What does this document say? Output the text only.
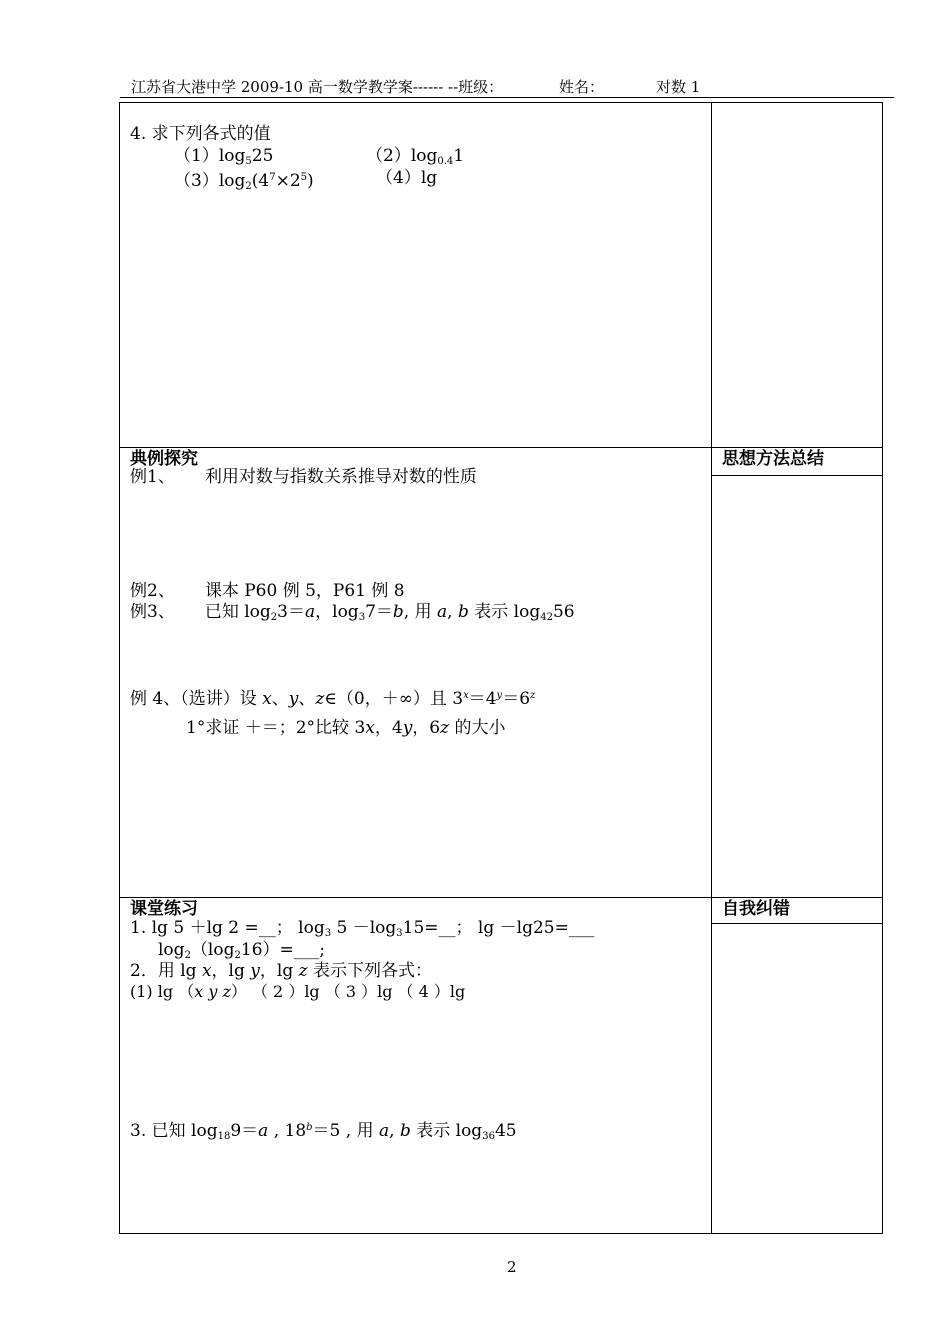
江苏省大港中学 2009-10 高一数学教学案------ --班级：	姓名：	对数 1
4. 求下列各式的值
$(1)\log_525$	$(2)\log_{0.4}1$
$(3)\log_2(4^7\times 2^5)$	（4）lg
典例探究	思想方法总结
例1、 利用对数与指数关系推导对数的性质
例2、 课本 P60 例 5，P61 例 8
例3、 已知 $\log_23=a$，$\log_37=b$, 用 a, b 表示 $\log_{42}56$
例 4、（选讲）设 x、y、z∈（0，＋∞）且 $3^x=4^y=6^z$
1°求证 ＋＝；2°比较 3x，4y，6z 的大小
课堂练习	自我纠错
1. lg 5 ＋lg 2 =__； $\log_3 5$ $-\log_315=\_\_$； lg －lg25=___
$\log_2(\log_216)=\_\_\_$;
2．用 lg x，lg y，lg z 表示下列各式：
(1) lg （x y z） （ 2 ）lg （ 3 ）lg （ 4 ）lg
3. 已知 $\log_{18}9=a$ , $18^b=5$ , 用 a, b 表示 $\log_{36}45$
2
